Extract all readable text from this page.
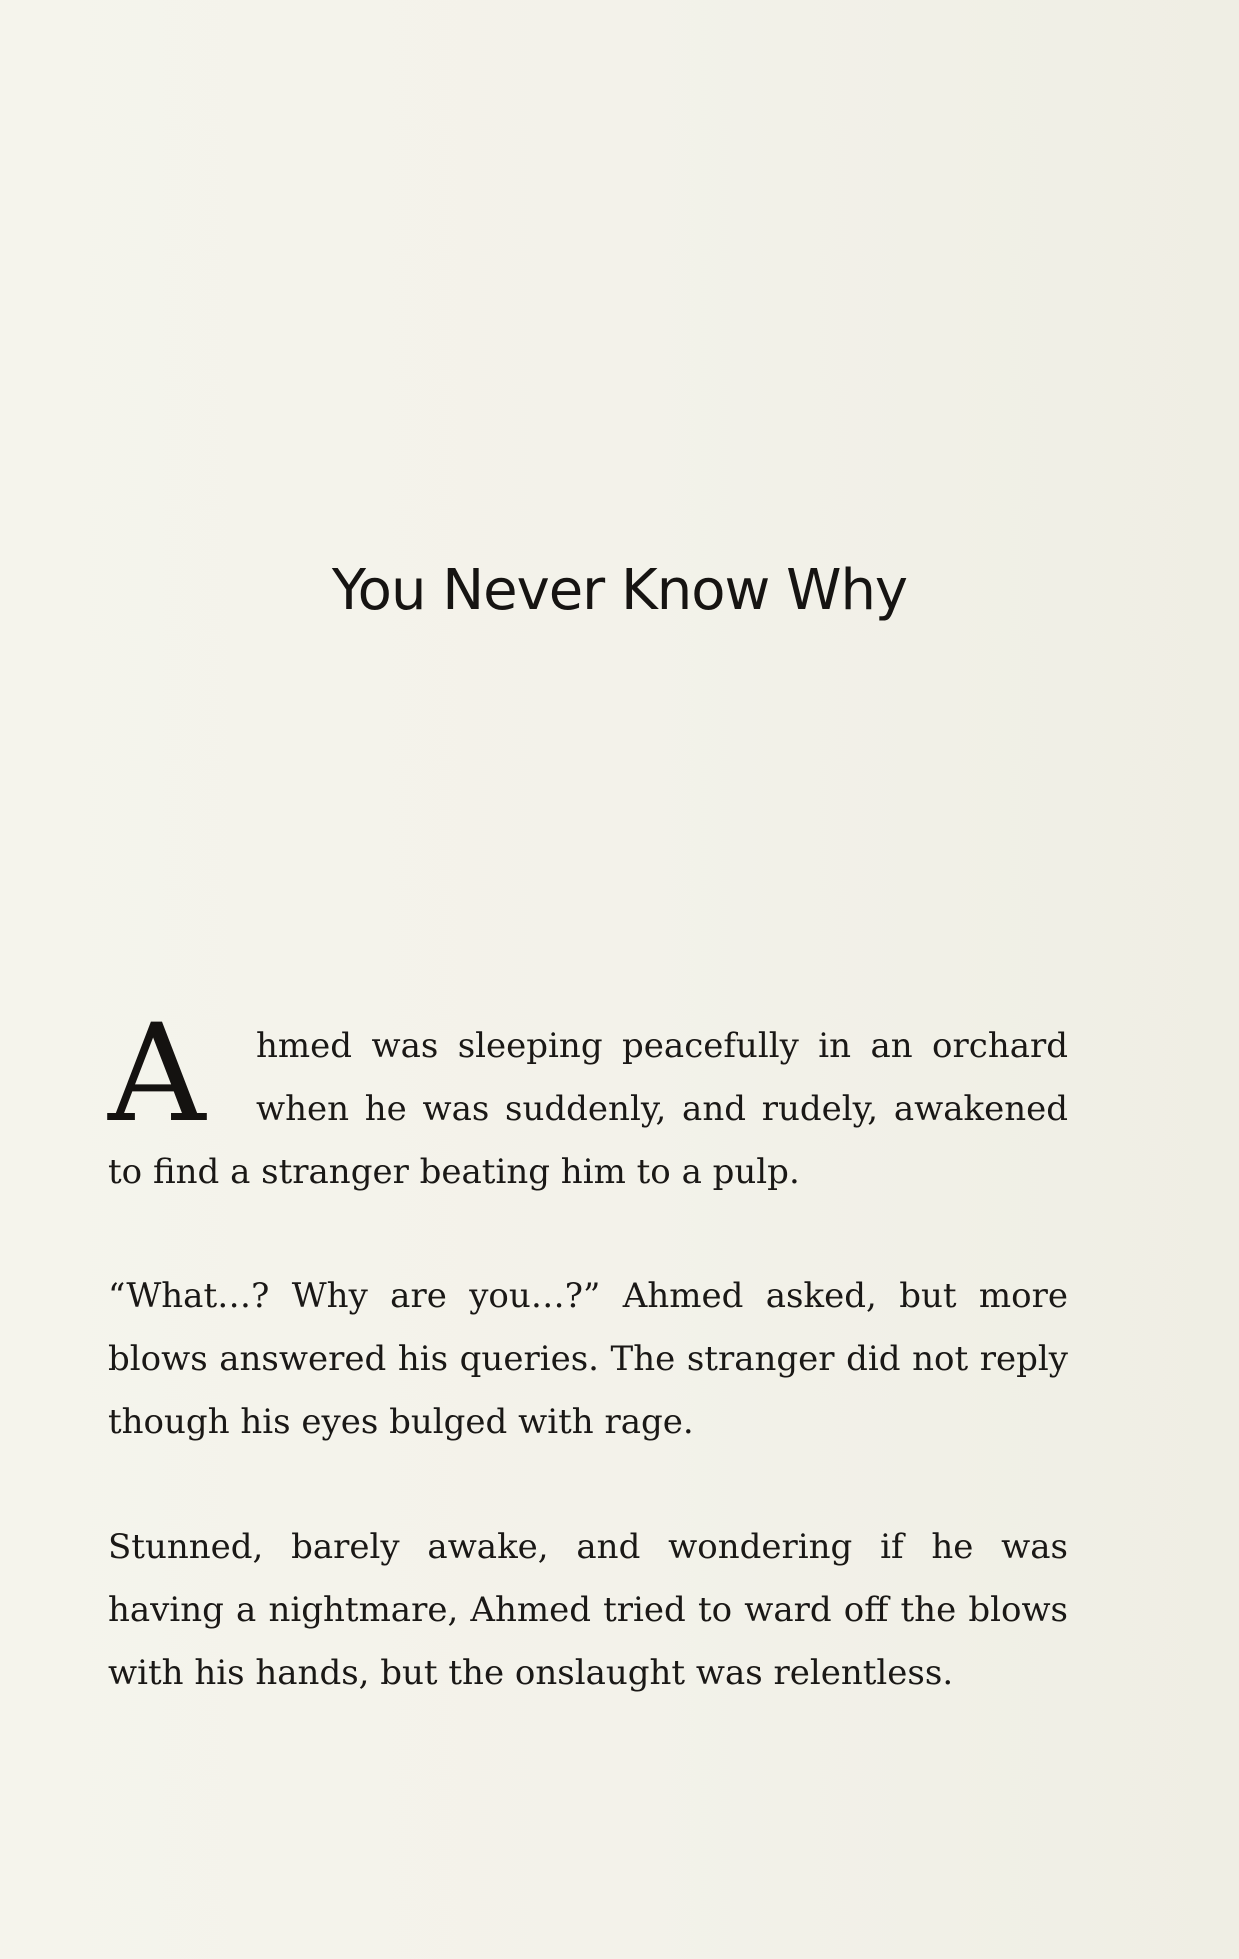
You Never Know Why

A	hmed was sleeping peacefully in an orchard when he was suddenly, and rudely, awakened to find a stranger beating him to a pulp.

“What…? Why are you…?” Ahmed asked, but more blows answered his queries. The stranger did not reply though his eyes bulged with rage.

Stunned, barely awake, and wondering if he was having a nightmare, Ahmed tried to ward off the blows with his hands, but the onslaught was relentless.
